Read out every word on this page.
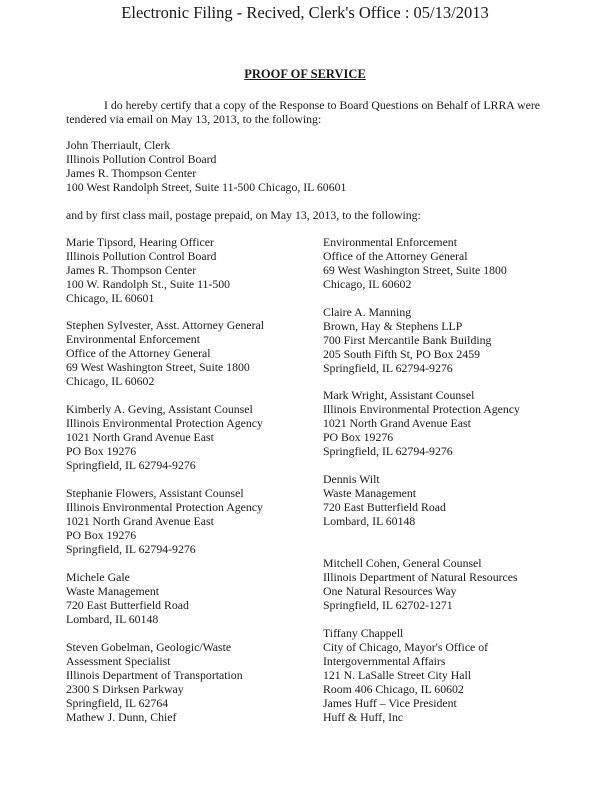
Electronic Filing - Recived, Clerk's Office : 05/13/2013
PROOF OF SERVICE
I do hereby certify that a copy of the Response to Board Questions on Behalf of LRRA were tendered via email on May 13, 2013, to the following:
John Therriault, Clerk
Illinois Pollution Control Board
James R. Thompson Center
100 West Randolph Street, Suite 11-500 Chicago, IL 60601
and by first class mail, postage prepaid, on May 13, 2013, to the following:
Marie Tipsord, Hearing Officer
Illinois Pollution Control Board
James R. Thompson Center
100 W. Randolph St., Suite 11-500
Chicago, IL 60601
Stephen Sylvester, Asst. Attorney General
Environmental Enforcement
Office of the Attorney General
69 West Washington Street, Suite 1800
Chicago, IL 60602
Kimberly A. Geving, Assistant Counsel
Illinois Environmental Protection Agency
1021 North Grand Avenue East
PO Box 19276
Springfield, IL 62794-9276
Stephanie Flowers, Assistant Counsel
Illinois Environmental Protection Agency
1021 North Grand Avenue East
PO Box 19276
Springfield, IL 62794-9276
Michele Gale
Waste Management
720 East Butterfield Road
Lombard, IL 60148
Steven Gobelman, Geologic/Waste
Assessment Specialist
Illinois Department of Transportation
2300 S Dirksen Parkway
Springfield, IL 62764
Mathew J. Dunn, Chief
Environmental Enforcement
Office of the Attorney General
69 West Washington Street, Suite 1800
Chicago, IL 60602
Claire A. Manning
Brown, Hay & Stephens LLP
700 First Mercantile Bank Building
205 South Fifth St, PO Box 2459
Springfield, IL 62794-9276
Mark Wright, Assistant Counsel
Illinois Environmental Protection Agency
1021 North Grand Avenue East
PO Box 19276
Springfield, IL 62794-9276
Dennis Wilt
Waste Management
720 East Butterfield Road
Lombard, IL 60148
Mitchell Cohen, General Counsel
Illinois Department of Natural Resources
One Natural Resources Way
Springfield, IL 62702-1271
Tiffany Chappell
City of Chicago, Mayor's Office of
Intergovernmental Affairs
121 N. LaSalle Street City Hall
Room 406 Chicago, IL 60602
James Huff – Vice President
Huff & Huff, Inc
